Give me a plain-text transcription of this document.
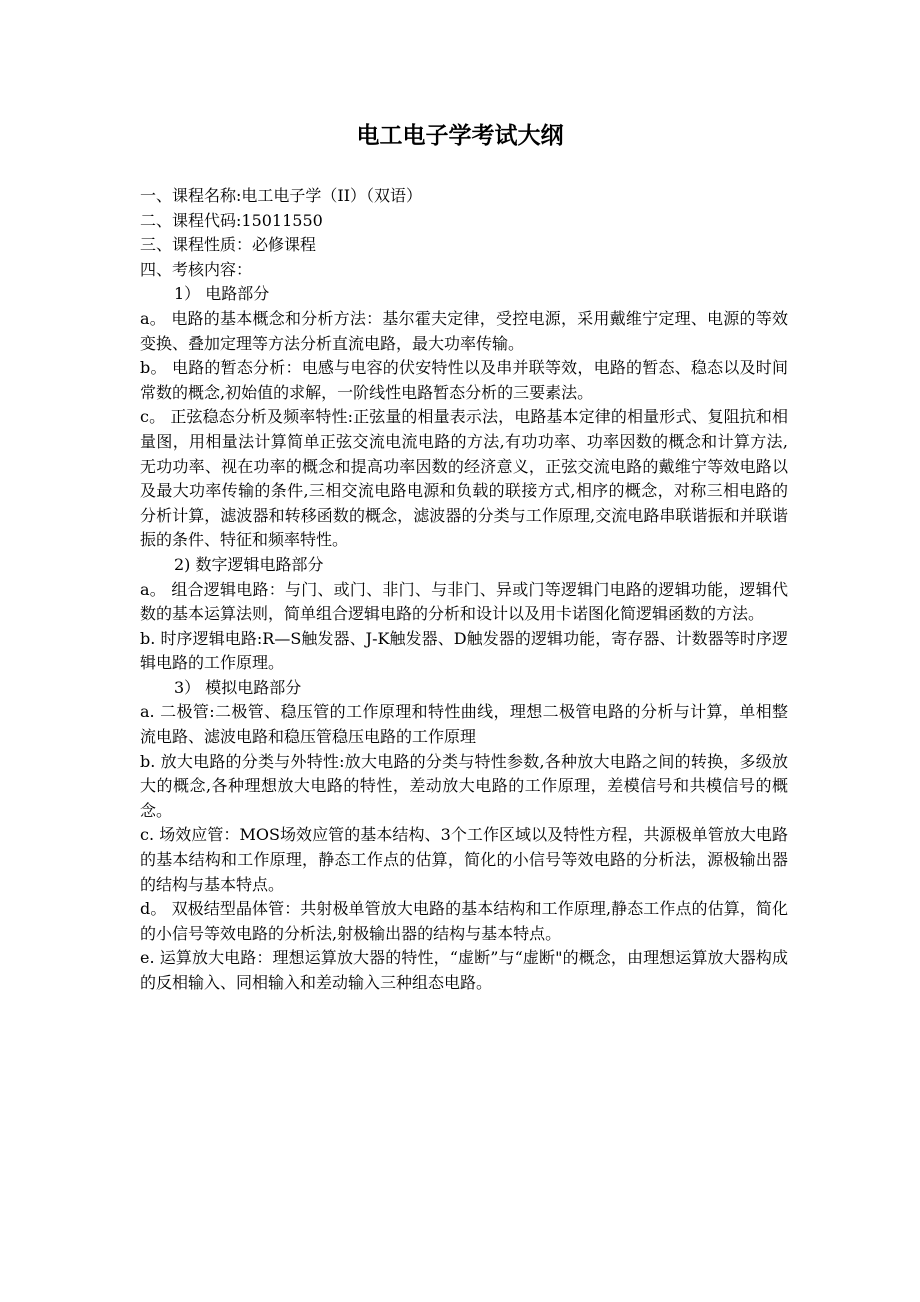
电工电子学考试大纲

一、课程名称:电工电子学（II）（双语）

二、课程代码:15011550

三、课程性质：必修课程

四、考核内容：

1） 电路部分

a。 电路的基本概念和分析方法：基尔霍夫定律，受控电源，采用戴维宁定理、电源的等效变换、叠加定理等方法分析直流电路，最大功率传输。

b。 电路的暂态分析：电感与电容的伏安特性以及串并联等效，电路的暂态、稳态以及时间常数的概念,初始值的求解，一阶线性电路暂态分析的三要素法。

c。 正弦稳态分析及频率特性:正弦量的相量表示法，电路基本定律的相量形式、复阻抗和相量图，用相量法计算简单正弦交流电流电路的方法,有功功率、功率因数的概念和计算方法,无功功率、视在功率的概念和提高功率因数的经济意义，正弦交流电路的戴维宁等效电路以及最大功率传输的条件,三相交流电路电源和负载的联接方式,相序的概念，对称三相电路的分析计算，滤波器和转移函数的概念，滤波器的分类与工作原理,交流电路串联谐振和并联谐振的条件、特征和频率特性。

2) 数字逻辑电路部分

a。 组合逻辑电路：与门、或门、非门、与非门、异或门等逻辑门电路的逻辑功能，逻辑代数的基本运算法则，简单组合逻辑电路的分析和设计以及用卡诺图化简逻辑函数的方法。

b. 时序逻辑电路:R—S触发器、J-K触发器、D触发器的逻辑功能，寄存器、计数器等时序逻辑电路的工作原理。

3） 模拟电路部分

a. 二极管:二极管、稳压管的工作原理和特性曲线，理想二极管电路的分析与计算，单相整流电路、滤波电路和稳压管稳压电路的工作原理

b. 放大电路的分类与外特性:放大电路的分类与特性参数,各种放大电路之间的转换，多级放大的概念,各种理想放大电路的特性，差动放大电路的工作原理，差模信号和共模信号的概念。

c. 场效应管：MOS场效应管的基本结构、3个工作区域以及特性方程，共源极单管放大电路的基本结构和工作原理，静态工作点的估算，简化的小信号等效电路的分析法，源极输出器的结构与基本特点。

d。 双极结型晶体管：共射极单管放大电路的基本结构和工作原理,静态工作点的估算，简化的小信号等效电路的分析法,射极输出器的结构与基本特点。

e. 运算放大电路：理想运算放大器的特性，“虚断”与“虚断"的概念，由理想运算放大器构成的反相输入、同相输入和差动输入三种组态电路。
